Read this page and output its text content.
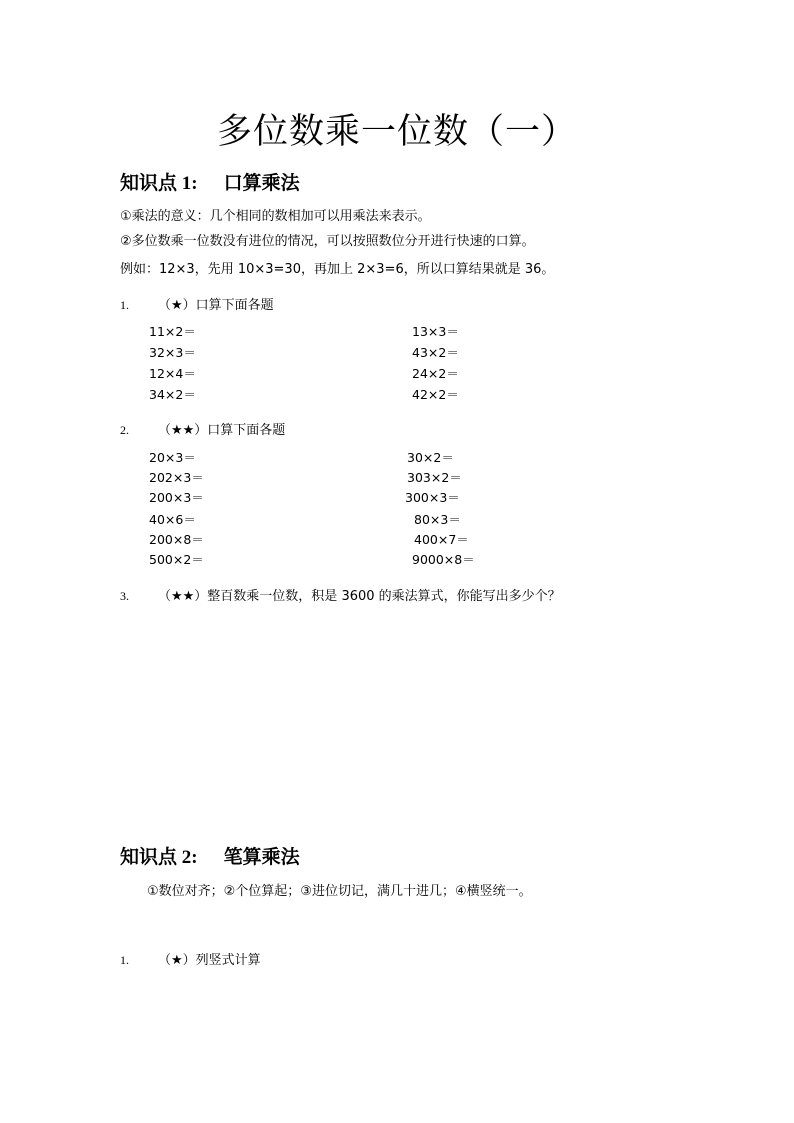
多位数乘一位数（一）
知识点 1: 口算乘法
①乘法的意义：几个相同的数相加可以用乘法来表示。
②多位数乘一位数没有进位的情况，可以按照数位分开进行快速的口算。
例如：12×3，先用 10×3=30，再加上 2×3=6，所以口算结果就是 36。
1. （★）口算下面各题
11×2＝
32×3＝
12×4＝
34×2＝
13×3＝
43×2＝
24×2＝
42×2＝
2. （★★）口算下面各题
20×3＝
202×3＝
200×3＝
40×6＝
200×8＝
500×2＝
30×2＝
303×2＝
300×3＝
80×3＝
400×7＝
9000×8＝
3. （★★）整百数乘一位数，积是 3600 的乘法算式，你能写出多少个？
知识点 2: 笔算乘法
①数位对齐；②个位算起；③进位切记，满几十进几；④横竖统一。
1. （★）列竖式计算
